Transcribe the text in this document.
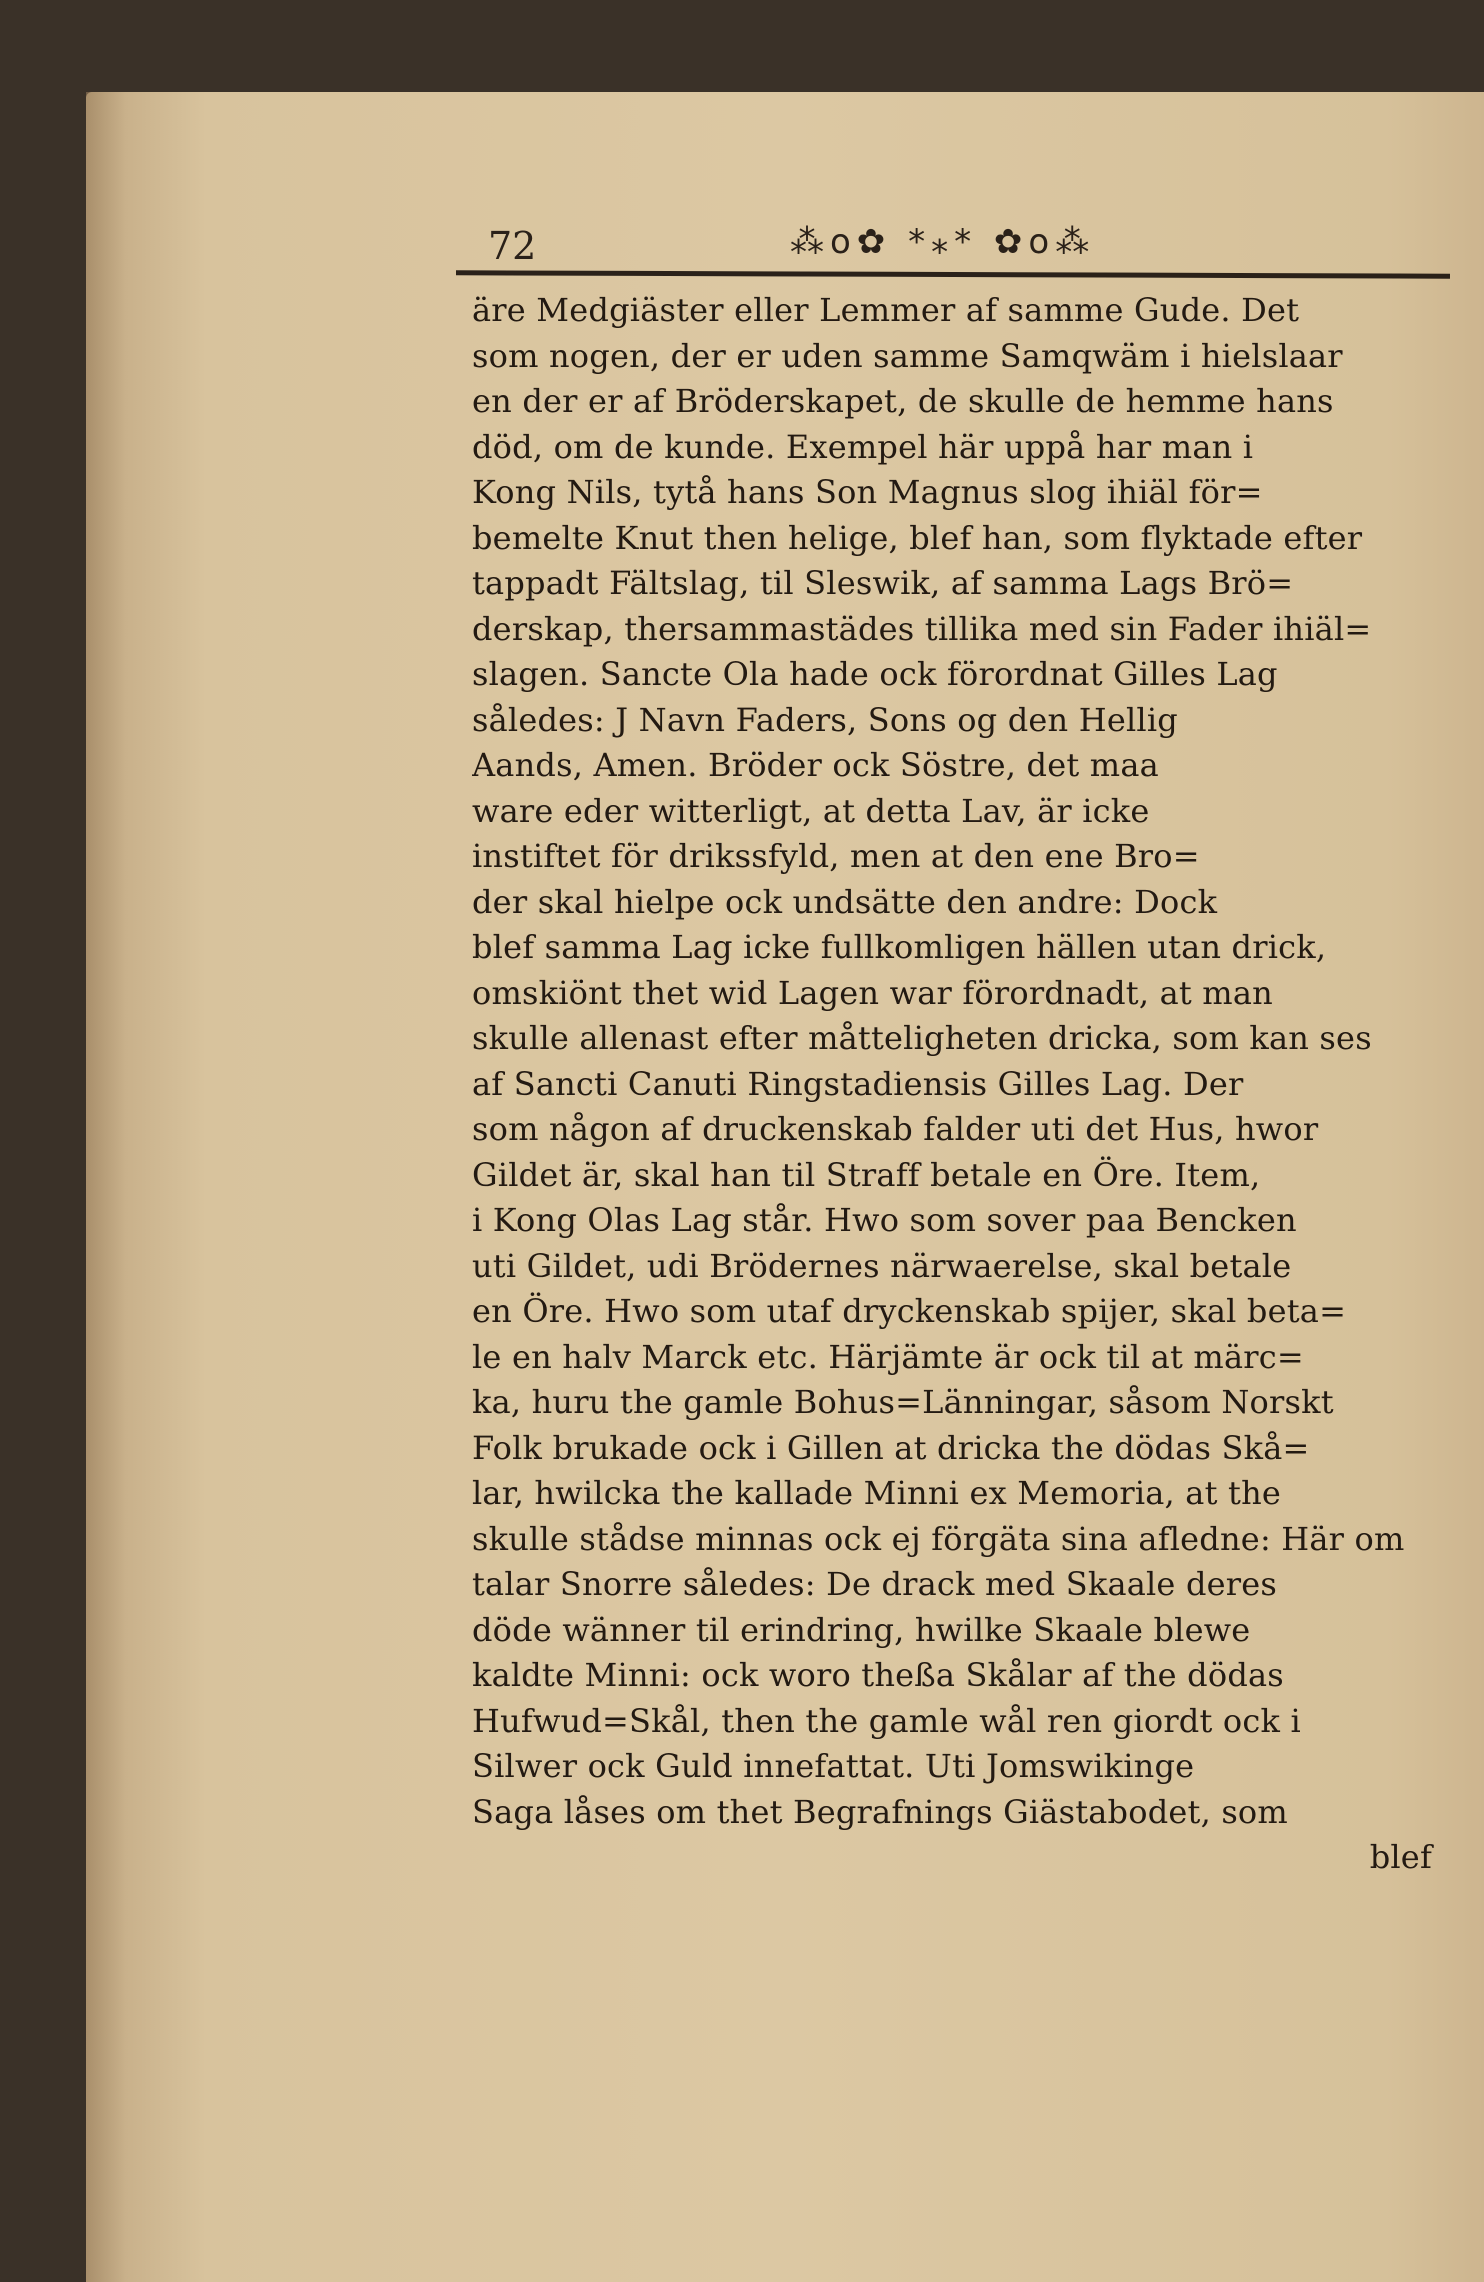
72	⁂o✿ *⁎* ✿o⁂
äre Medgiäster eller Lemmer af samme Gude. Det
som nogen, der er uden samme Samqwäm i hielslaar
en der er af Bröderskapet, de skulle de hemme hans
död, om de kunde. Exempel här uppå har man i
Kong Nils, tytå hans Son Magnus slog ihiäl för=
bemelte Knut then helige, blef han, som flyktade efter
tappadt Fältslag, til Sleswik, af samma Lags Brö=
derskap, thersammastädes tillika med sin Fader ihiäl=
slagen. Sancte Ola hade ock förordnat Gilles Lag
således: J Navn Faders, Sons og den Hellig
Aands, Amen. Bröder ock Söstre, det maa
ware eder witterligt, at detta Lav, är icke
instiftet för drikssfyld, men at den ene Bro=
der skal hielpe ock undsätte den andre: Dock
blef samma Lag icke fullkomligen hällen utan drick,
omskiönt thet wid Lagen war förordnadt, at man
skulle allenast efter måtteligheten dricka, som kan ses
af Sancti Canuti Ringstadiensis Gilles Lag. Der
som någon af druckenskab falder uti det Hus, hwor
Gildet är, skal han til Straff betale en Öre. Item,
i Kong Olas Lag står. Hwo som sover paa Bencken
uti Gildet, udi Brödernes närwaerelse, skal betale
en Öre. Hwo som utaf dryckenskab spijer, skal beta=
le en halv Marck etc. Härjämte är ock til at märc=
ka, huru the gamle Bohus=Länningar, såsom Norskt
Folk brukade ock i Gillen at dricka the dödas Skå=
lar, hwilcka the kallade Minni ex Memoria, at the
skulle stådse minnas ock ej förgäta sina afledne: Här om
talar Snorre således: De drack med Skaale deres
döde wänner til erindring, hwilke Skaale blewe
kaldte Minni: ock woro theßa Skålar af the dödas
Hufwud=Skål, then the gamle wål ren giordt ock i
Silwer ock Guld innefattat. Uti Jomswikinge
Saga låses om thet Begrafnings Giästabodet, som
blef
